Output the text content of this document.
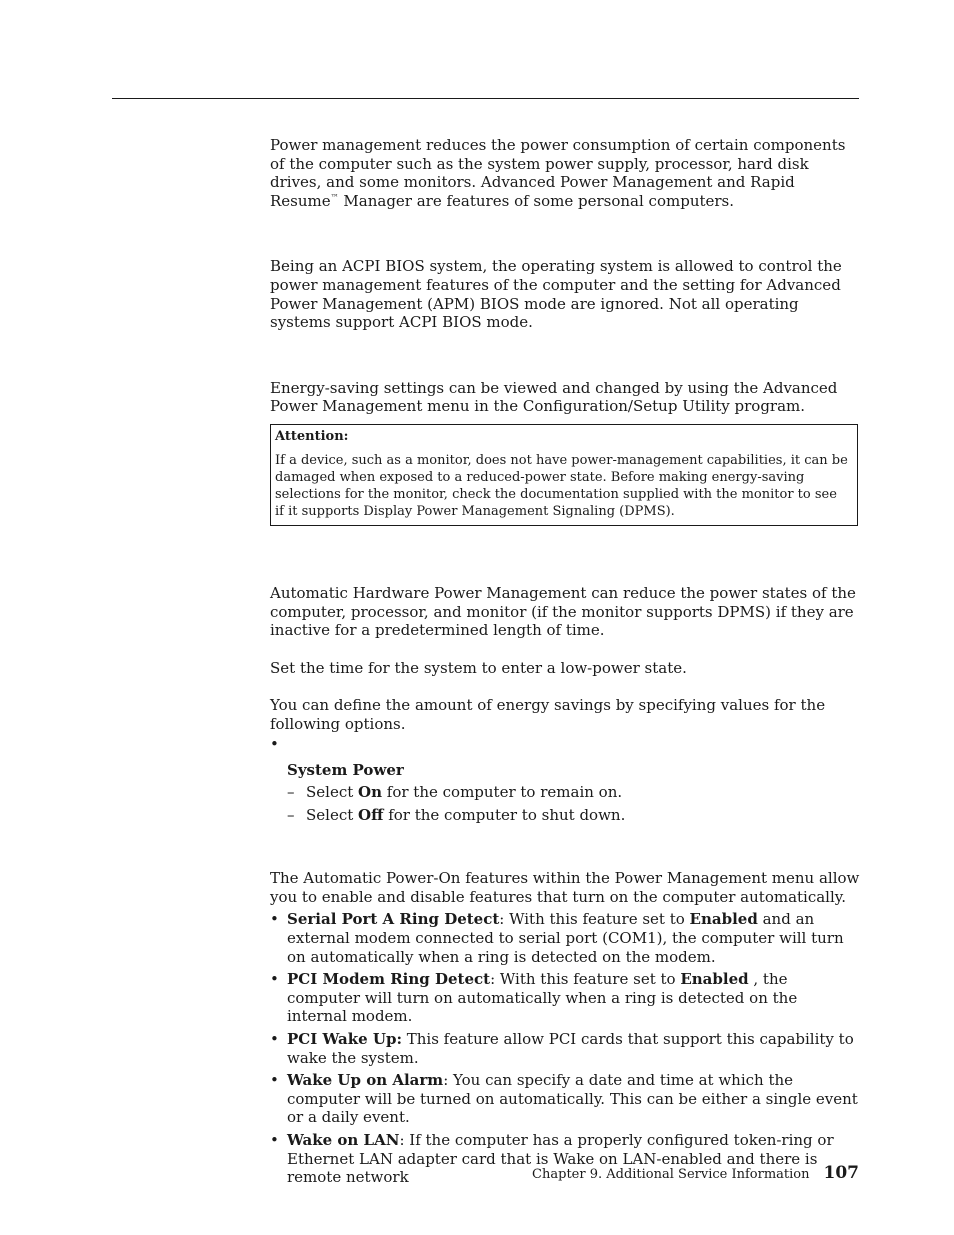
Power management reduces the power consumption of certain components of the computer such as the system power supply, processor, hard disk drives, and some monitors. Advanced Power Management and Rapid Resume™ Manager are features of some personal computers.

Being an ACPI BIOS system, the operating system is allowed to control the power management features of the computer and the setting for Advanced Power Management (APM) BIOS mode are ignored. Not all operating systems support ACPI BIOS mode.

Energy-saving settings can be viewed and changed by using the Advanced Power Management menu in the Configuration/Setup Utility program.

Attention:
If a device, such as a monitor, does not have power-management capabilities, it can be damaged when exposed to a reduced-power state. Before making energy-saving selections for the monitor, check the documentation supplied with the monitor to see if it supports Display Power Management Signaling (DPMS).

Automatic Hardware Power Management can reduce the power states of the computer, processor, and monitor (if the monitor supports DPMS) if they are inactive for a predetermined length of time.

Set the time for the system to enter a low-power state.

You can define the amount of energy savings by specifying values for the following options.

•
System Power
– Select On for the computer to remain on.
– Select Off for the computer to shut down.

The Automatic Power-On features within the Power Management menu allow you to enable and disable features that turn on the computer automatically.

• Serial Port A Ring Detect: With this feature set to Enabled and an external modem connected to serial port (COM1), the computer will turn on automatically when a ring is detected on the modem.
• PCI Modem Ring Detect: With this feature set to Enabled , the computer will turn on automatically when a ring is detected on the internal modem.
• PCI Wake Up: This feature allow PCI cards that support this capability to wake the system.
• Wake Up on Alarm: You can specify a date and time at which the computer will be turned on automatically. This can be either a single event or a daily event.
• Wake on LAN: If the computer has a properly configured token-ring or Ethernet LAN adapter card that is Wake on LAN-enabled and there is remote network	Chapter 9. Additional Service Information 107
